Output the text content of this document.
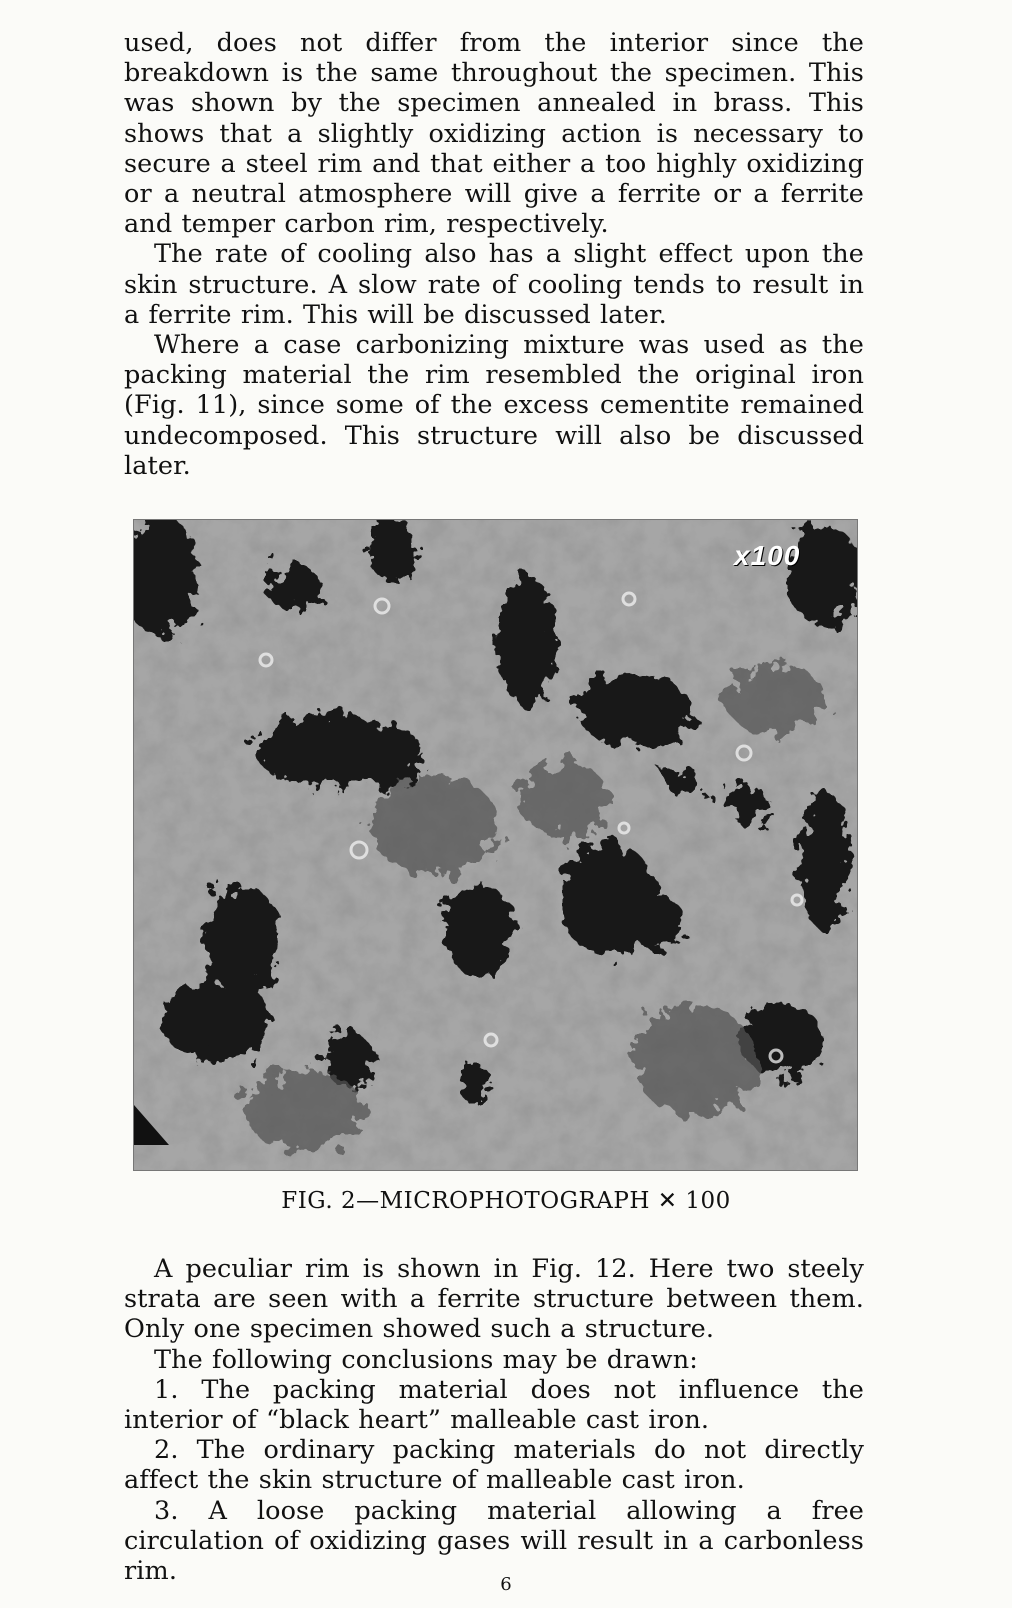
used, does not differ from the interior since the breakdown is the same throughout the specimen. This was shown by the specimen annealed in brass. This shows that a slightly oxidizing action is necessary to secure a steel rim and that either a too highly oxidizing or a neutral atmosphere will give a ferrite or a ferrite and temper carbon rim, respectively.

The rate of cooling also has a slight effect upon the skin structure. A slow rate of cooling tends to result in a ferrite rim. This will be discussed later.

Where a case carbonizing mixture was used as the packing material the rim resembled the original iron (Fig. 11), since some of the excess cementite remained undecomposed. This structure will also be discussed later.

x100
FIG. 2—MICROPHOTOGRAPH ✕ 100

A peculiar rim is shown in Fig. 12. Here two steely strata are seen with a ferrite structure between them. Only one specimen showed such a structure.

The following conclusions may be drawn:

1. The packing material does not influence the interior of “black heart” malleable cast iron.

2. The ordinary packing materials do not directly affect the skin structure of malleable cast iron.

3. A loose packing material allowing a free circulation of oxidizing gases will result in a carbonless rim.	6
